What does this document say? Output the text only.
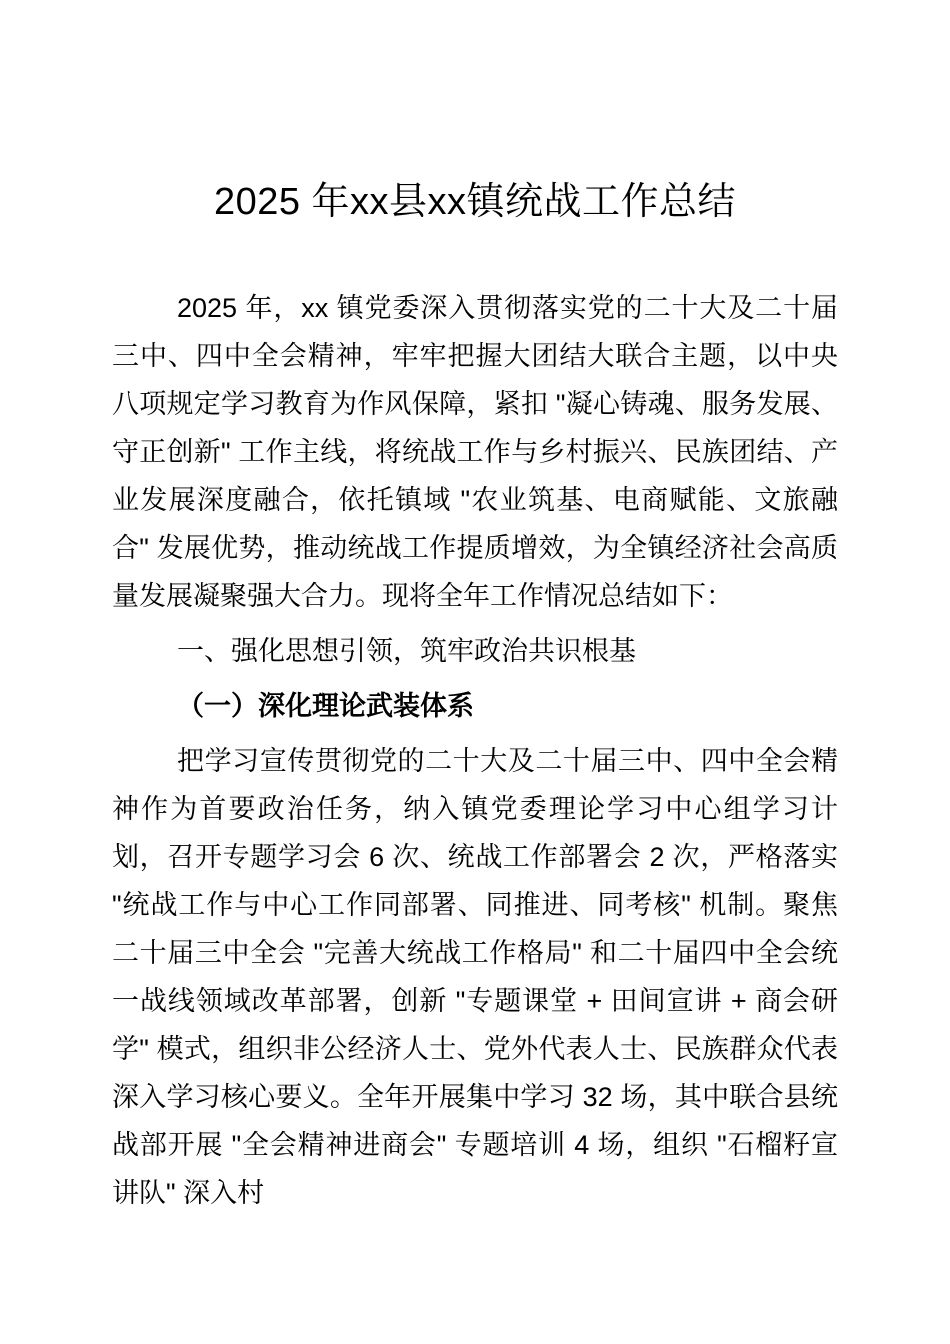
2025 年xx县xx镇统战工作总结

2025 年，xx 镇党委深入贯彻落实党的二十大及二十届三中、四中全会精神，牢牢把握大团结大联合主题，以中央八项规定学习教育为作风保障，紧扣 "凝心铸魂、服务发展、守正创新" 工作主线，将统战工作与乡村振兴、民族团结、产业发展深度融合，依托镇域 "农业筑基、电商赋能、文旅融合" 发展优势，推动统战工作提质增效，为全镇经济社会高质量发展凝聚强大合力。现将全年工作情况总结如下：

一、强化思想引领，筑牢政治共识根基

（一）深化理论武装体系

把学习宣传贯彻党的二十大及二十届三中、四中全会精神作为首要政治任务，纳入镇党委理论学习中心组学习计划，召开专题学习会 6 次、统战工作部署会 2 次，严格落实 "统战工作与中心工作同部署、同推进、同考核" 机制。聚焦二十届三中全会 "完善大统战工作格局" 和二十届四中全会统一战线领域改革部署，创新 "专题课堂 + 田间宣讲 + 商会研学" 模式，组织非公经济人士、党外代表人士、民族群众代表深入学习核心要义。全年开展集中学习 32 场，其中联合县统战部开展 "全会精神进商会" 专题培训 4 场，组织 "石榴籽宣讲队" 深入村
